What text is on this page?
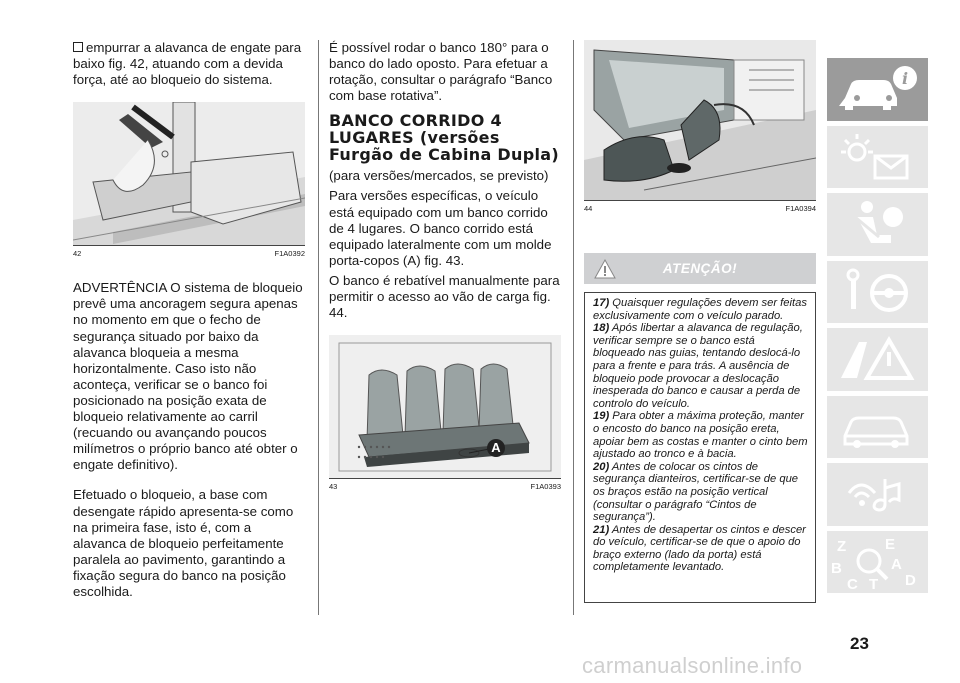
empurrar a alavanca de engate para baixo fig. 42, atuando com a devida força, até ao bloqueio do sistema.

42	F1A0392

ADVERTÊNCIA O sistema de bloqueio prevê uma ancoragem segura apenas no momento em que o fecho de segurança situado por baixo da alavanca bloqueia a mesma horizontalmente. Caso isto não aconteça, verificar se o banco foi posicionado na posição exata de bloqueio relativamente ao carril (recuando ou avançando poucos milímetros o próprio banco até obter o engate definitivo).

Efetuado o bloqueio, a base com desengate rápido apresenta-se como na primeira fase, isto é, com a alavanca de bloqueio perfeitamente paralela ao pavimento, garantindo a fixação segura do banco na posição escolhida.

É possível rodar o banco 180° para o banco do lado oposto. Para efetuar a rotação, consultar o parágrafo “Banco com base rotativa”.

BANCO CORRIDO 4 LUGARES (versões Furgão de Cabina Dupla)

(para versões/mercados, se previsto)

Para versões específicas, o veículo está equipado com um banco corrido de 4 lugares. O banco corrido está equipado lateralmente com um molde porta-copos (A) fig. 43.

O banco é rebatível manualmente para permitir o acesso ao vão de carga fig. 44.

A
43	F1A0393
44	F1A0394
ATENÇÃO!

17) Quaisquer regulações devem ser feitas exclusivamente com o veículo parado.

18) Após libertar a alavanca de regulação, verificar sempre se o banco está bloqueado nas guias, tentando deslocá-lo para a frente e para trás. A ausência de bloqueio pode provocar a deslocação inesperada do banco e causar a perda de controlo do veículo.

19) Para obter a máxima proteção, manter o encosto do banco na posição ereta, apoiar bem as costas e manter o cinto bem ajustado ao tronco e à bacia.

20) Antes de colocar os cintos de segurança dianteiros, certificar-se de que os braços estão na posição vertical (consultar o parágrafo “Cintos de segurança”).

21) Antes de desapertar os cintos e descer do veículo, certificar-se de que o apoio do braço externo (lado da porta) está completamente levantado.

i
Z	E
B	A
C T D
23
carmanualsonline.info
